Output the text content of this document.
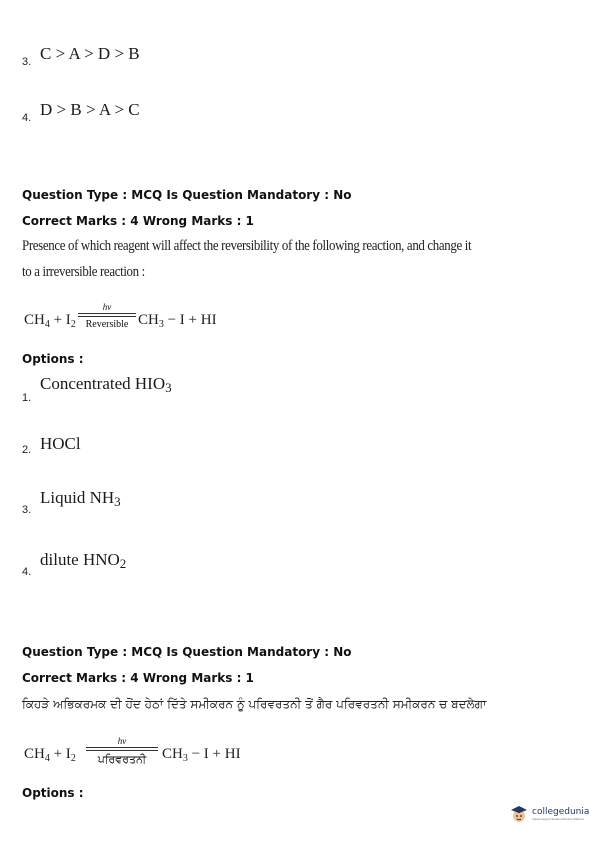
3. C > A > D > B
4. D > B > A > C
Question Type : MCQ Is Question Mandatory : No
Correct Marks : 4 Wrong Marks : 1
Presence of which reagent will affect the reversibility of the following reaction, and change it
to a irreversible reaction :
$CH_4 + I_2$
hv
Reversible $CH_3 - I$ + HI
Options :
1.
Concentrated $HIO_3$
2. HOCl
3.
Liquid $NH_3$
4.
dilute $HNO_2$
Question Type : MCQ Is Question Mandatory : No
Correct Marks : 4 Wrong Marks : 1
ਕਿਹੜੇ ਅਭਿਕਰਮਕ ਦੀ ਹੋਂਦ ਹੇਠਾਂ ਦਿੱਤੇ ਸਮੀਕਰਨ ਨੂੰ ਪਰਿਵਰਤਨੀ ਤੋਂ ਗੈਰ ਪਰਿਵਰਤਨੀ ਸਮੀਕਰਨ ਚ ਬਦਲੇਗਾ
$CH_4 + I_2$
hv
ਪਰਿਵਰਤਨੀ	$CH_3 - I$ + HI
Options :
collegedunia
India's largest Student Review Platform
